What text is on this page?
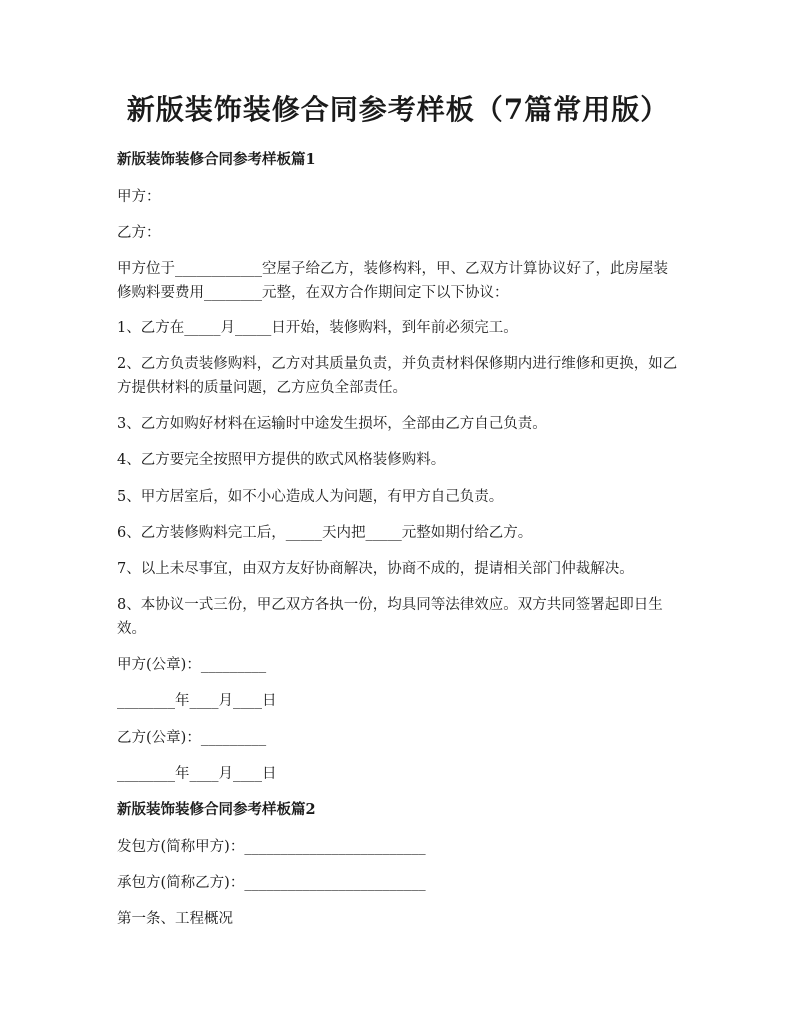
新版装饰装修合同参考样板（7篇常用版）
新版装饰装修合同参考样板篇1
甲方：
乙方：
甲方位于____________空屋子给乙方，装修构料，甲、乙双方计算协议好了，此房屋装修购料要费用________元整，在双方合作期间定下以下协议：
1、乙方在_____月_____日开始，装修购料，到年前必须完工。
2、乙方负责装修购料，乙方对其质量负责，并负责材料保修期内进行维修和更换，如乙方提供材料的质量问题，乙方应负全部责任。
3、乙方如购好材料在运输时中途发生损坏，全部由乙方自己负责。
4、乙方要完全按照甲方提供的欧式风格装修购料。
5、甲方居室后，如不小心造成人为问题，有甲方自己负责。
6、乙方装修购料完工后，_____天内把_____元整如期付给乙方。
7、以上未尽事宜，由双方友好协商解决，协商不成的，提请相关部门仲裁解决。
8、本协议一式三份，甲乙双方各执一份，均具同等法律效应。双方共同签署起即日生效。
甲方(公章)：_________
________年____月____日
乙方(公章)：_________
________年____月____日
新版装饰装修合同参考样板篇2
发包方(简称甲方)：_________________________
承包方(简称乙方)：_________________________
第一条、工程概况
